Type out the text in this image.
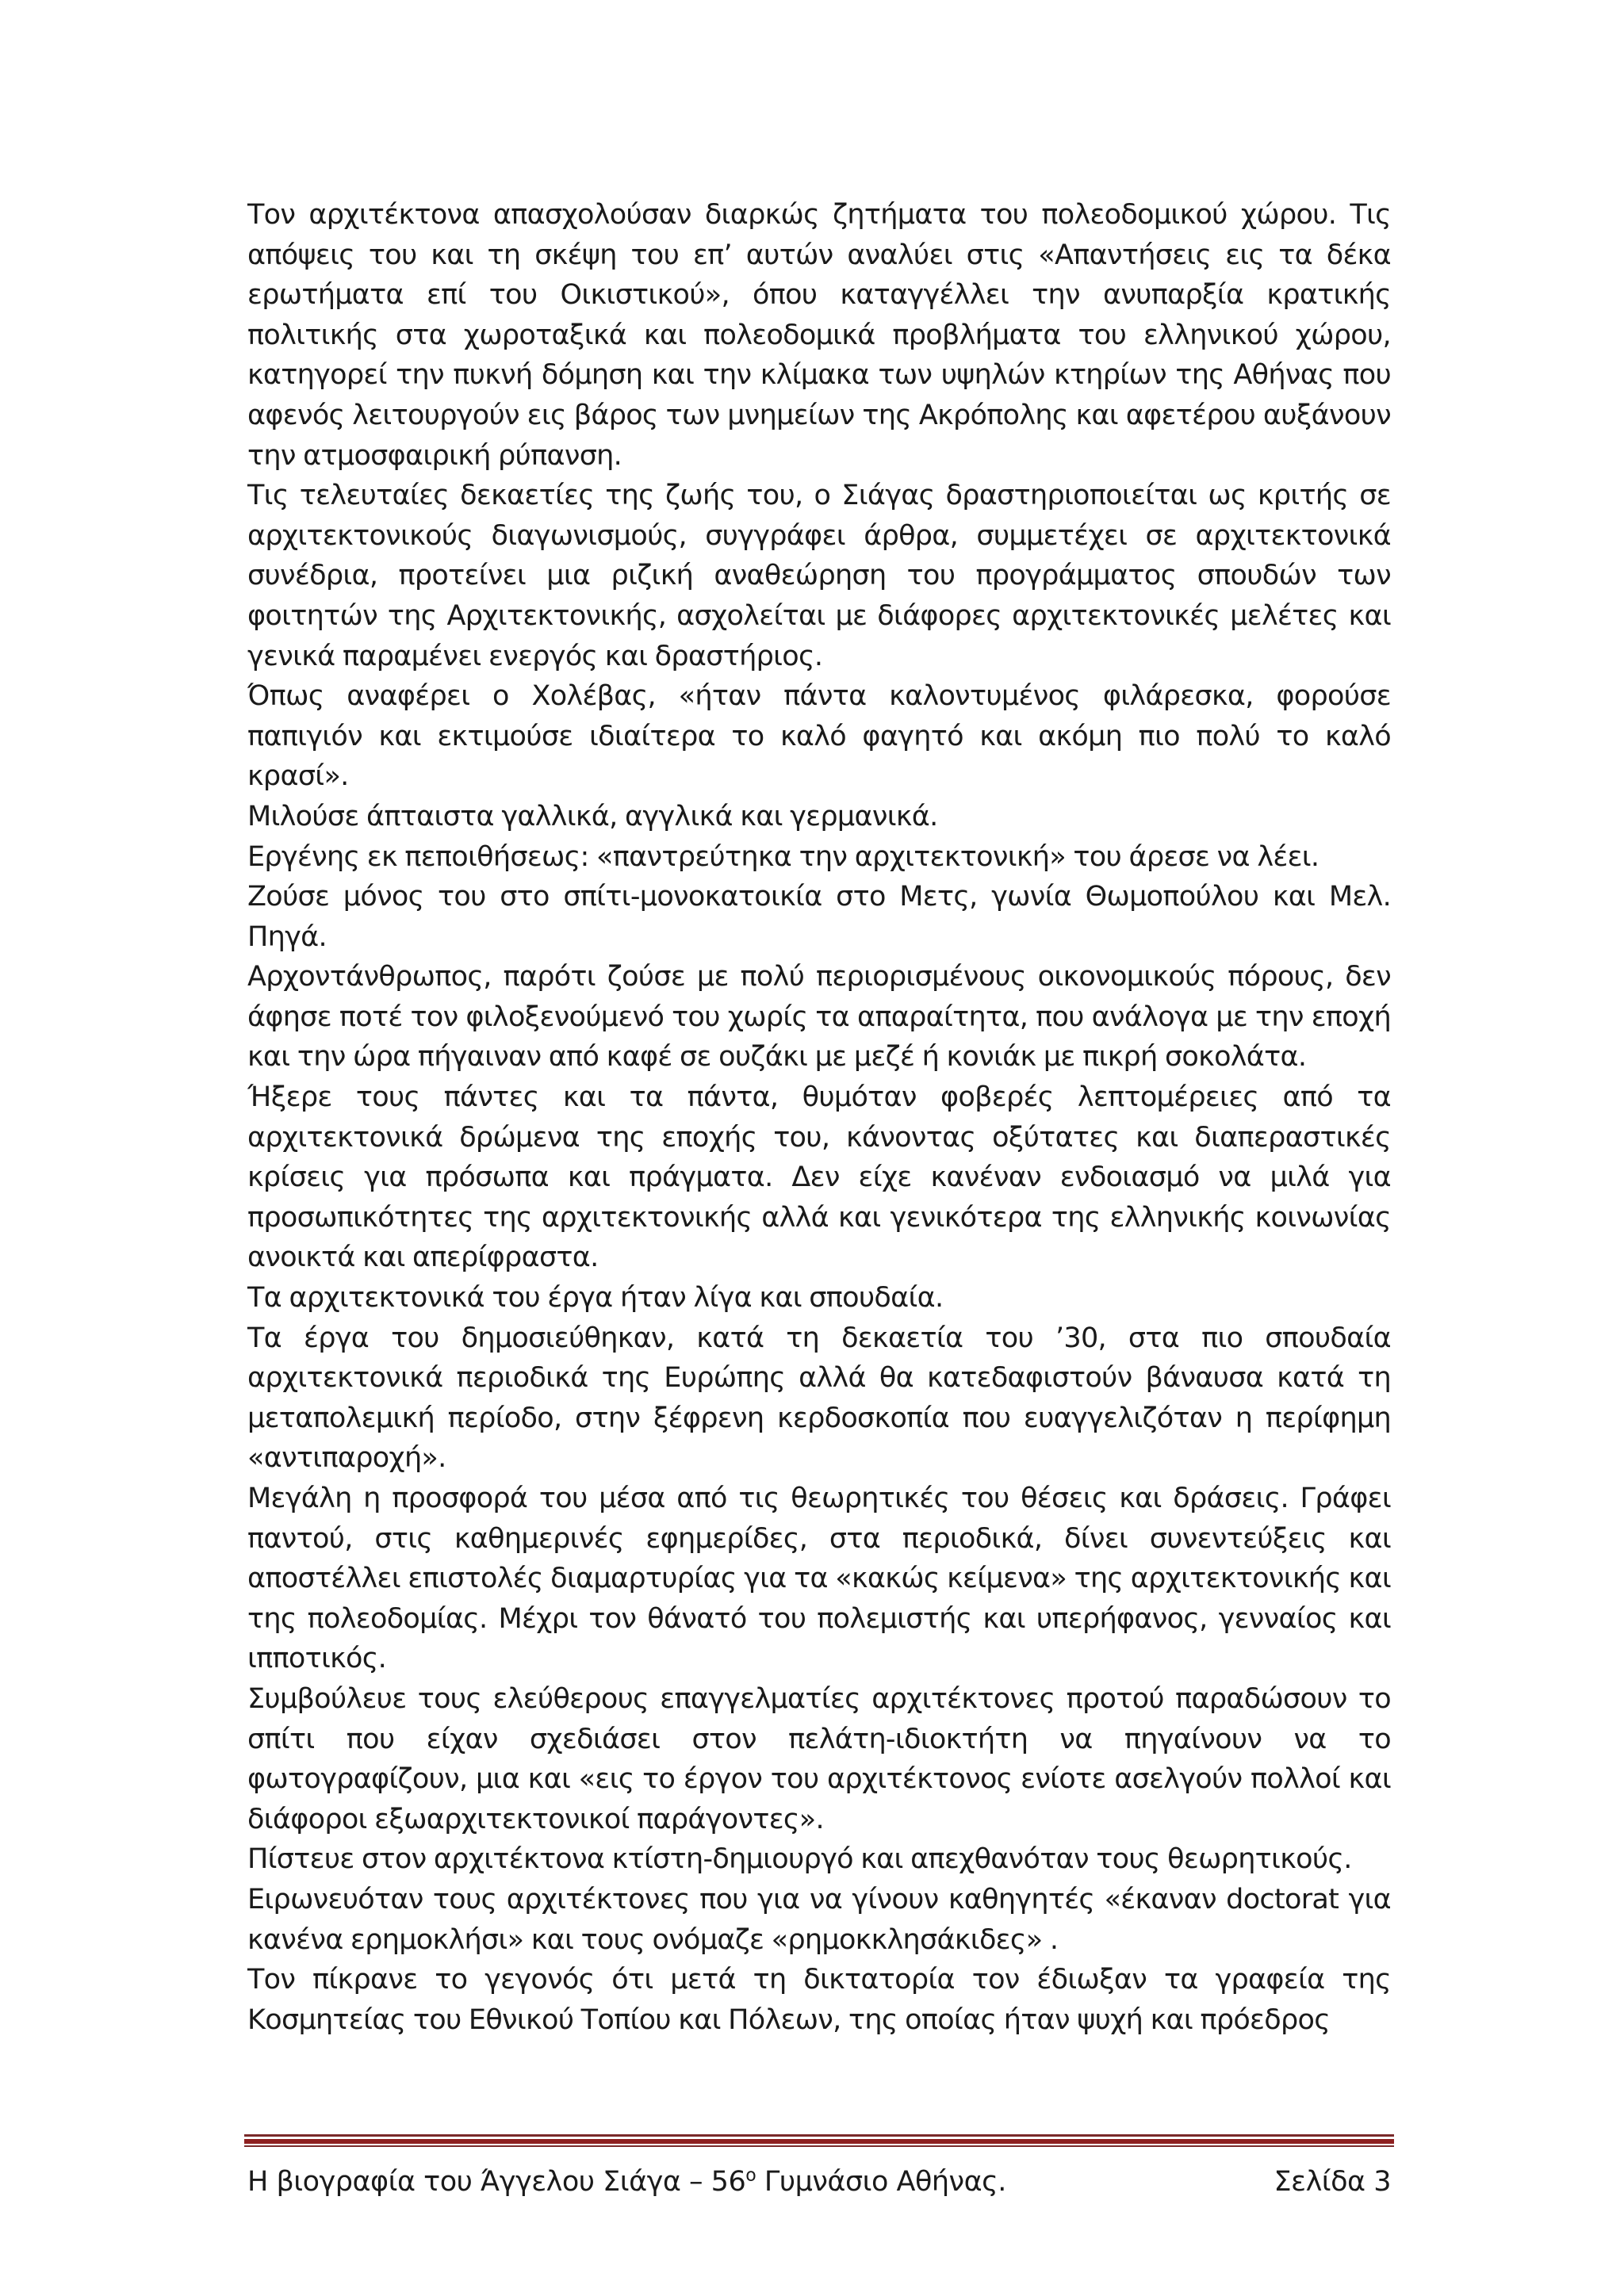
Τον αρχιτέκτονα απασχολούσαν διαρκώς ζητήματα του πολεοδομικού χώρου. Τις απόψεις του και τη σκέψη του επ’ αυτών αναλύει στις «Απαντήσεις εις τα δέκα ερωτήματα επί του Οικιστικού», όπου καταγγέλλει την ανυπαρξία κρατικής πολιτικής στα χωροταξικά και πολεοδομικά προβλήματα του ελληνικού χώρου, κατηγορεί την πυκνή δόμηση και την κλίμακα των υψηλών κτηρίων της Αθήνας που αφενός λειτουργούν εις βάρος των μνημείων της Ακρόπολης και αφετέρου αυξάνουν την ατμοσφαιρική ρύπανση.

Τις τελευταίες δεκαετίες της ζωής του, ο Σιάγας δραστηριοποιείται ως κριτής σε αρχιτεκτονικούς διαγωνισμούς, συγγράφει άρθρα, συμμετέχει σε αρχιτεκτονικά συνέδρια, προτείνει μια ριζική αναθεώρηση του προγράμματος σπουδών των φοιτητών της Αρχιτεκτονικής, ασχολείται με διάφορες αρχιτεκτονικές μελέτες και γενικά παραμένει ενεργός και δραστήριος.

Όπως αναφέρει ο Χολέβας, «ήταν πάντα καλοντυμένος φιλάρεσκα, φορούσε παπιγιόν και εκτιμούσε ιδιαίτερα το καλό φαγητό και ακόμη πιο πολύ το καλό κρασί».

Μιλούσε άπταιστα γαλλικά, αγγλικά και γερμανικά.

Εργένης εκ πεποιθήσεως: «παντρεύτηκα την αρχιτεκτονική» του άρεσε να λέει.

Ζούσε μόνος του στο σπίτι-μονοκατοικία στο Μετς, γωνία Θωμοπούλου και Μελ. Πηγά.

Αρχοντάνθρωπος, παρότι ζούσε με πολύ περιορισμένους οικονομικούς πόρους, δεν άφησε ποτέ τον φιλοξενούμενό του χωρίς τα απαραίτητα, που ανάλογα με την εποχή και την ώρα πήγαιναν από καφέ σε ουζάκι με μεζέ ή κονιάκ με πικρή σοκολάτα.

Ήξερε τους πάντες και τα πάντα, θυμόταν φοβερές λεπτομέρειες από τα αρχιτεκτονικά δρώμενα της εποχής του, κάνοντας οξύτατες και διαπεραστικές κρίσεις για πρόσωπα και πράγματα. Δεν είχε κανέναν ενδοιασμό να μιλά για προσωπικότητες της αρχιτεκτονικής αλλά και γενικότερα της ελληνικής κοινωνίας ανοικτά και απερίφραστα.

Τα αρχιτεκτονικά του έργα ήταν λίγα και σπουδαία.

Τα έργα του δημοσιεύθηκαν, κατά τη δεκαετία του ’30, στα πιο σπουδαία αρχιτεκτονικά περιοδικά της Ευρώπης αλλά θα κατεδαφιστούν βάναυσα κατά τη μεταπολεμική περίοδο, στην ξέφρενη κερδοσκοπία που ευαγγελιζόταν η περίφημη «αντιπαροχή».

Μεγάλη η προσφορά του μέσα από τις θεωρητικές του θέσεις και δράσεις. Γράφει παντού, στις καθημερινές εφημερίδες, στα περιοδικά, δίνει συνεντεύξεις και αποστέλλει επιστολές διαμαρτυρίας για τα «κακώς κείμενα» της αρχιτεκτονικής και της πολεοδομίας. Μέχρι τον θάνατό του πολεμιστής και υπερήφανος, γενναίος και ιπποτικός.

Συμβούλευε τους ελεύθερους επαγγελματίες αρχιτέκτονες προτού παραδώσουν το σπίτι που είχαν σχεδιάσει στον πελάτη-ιδιοκτήτη να πηγαίνουν να το φωτογραφίζουν, μια και «εις το έργον του αρχιτέκτονος ενίοτε ασελγούν πολλοί και διάφοροι εξωαρχιτεκτονικοί παράγοντες».

Πίστευε στον αρχιτέκτονα κτίστη-δημιουργό και απεχθανόταν τους θεωρητικούς.

Ειρωνευόταν τους αρχιτέκτονες που για να γίνουν καθηγητές «έκαναν doctorat για κανένα ερημοκλήσι» και τους ονόμαζε «ρημοκκλησάκιδες» .

Τον πίκρανε το γεγονός ότι μετά τη δικτατορία τον έδιωξαν τα γραφεία της Κοσμητείας του Εθνικού Τοπίου και Πόλεων, της οποίας ήταν ψυχή και πρόεδρος

Η βιογραφία του Άγγελου Σιάγα – $56^o$ Γυμνάσιο Αθήνας.	Σελίδα 3
